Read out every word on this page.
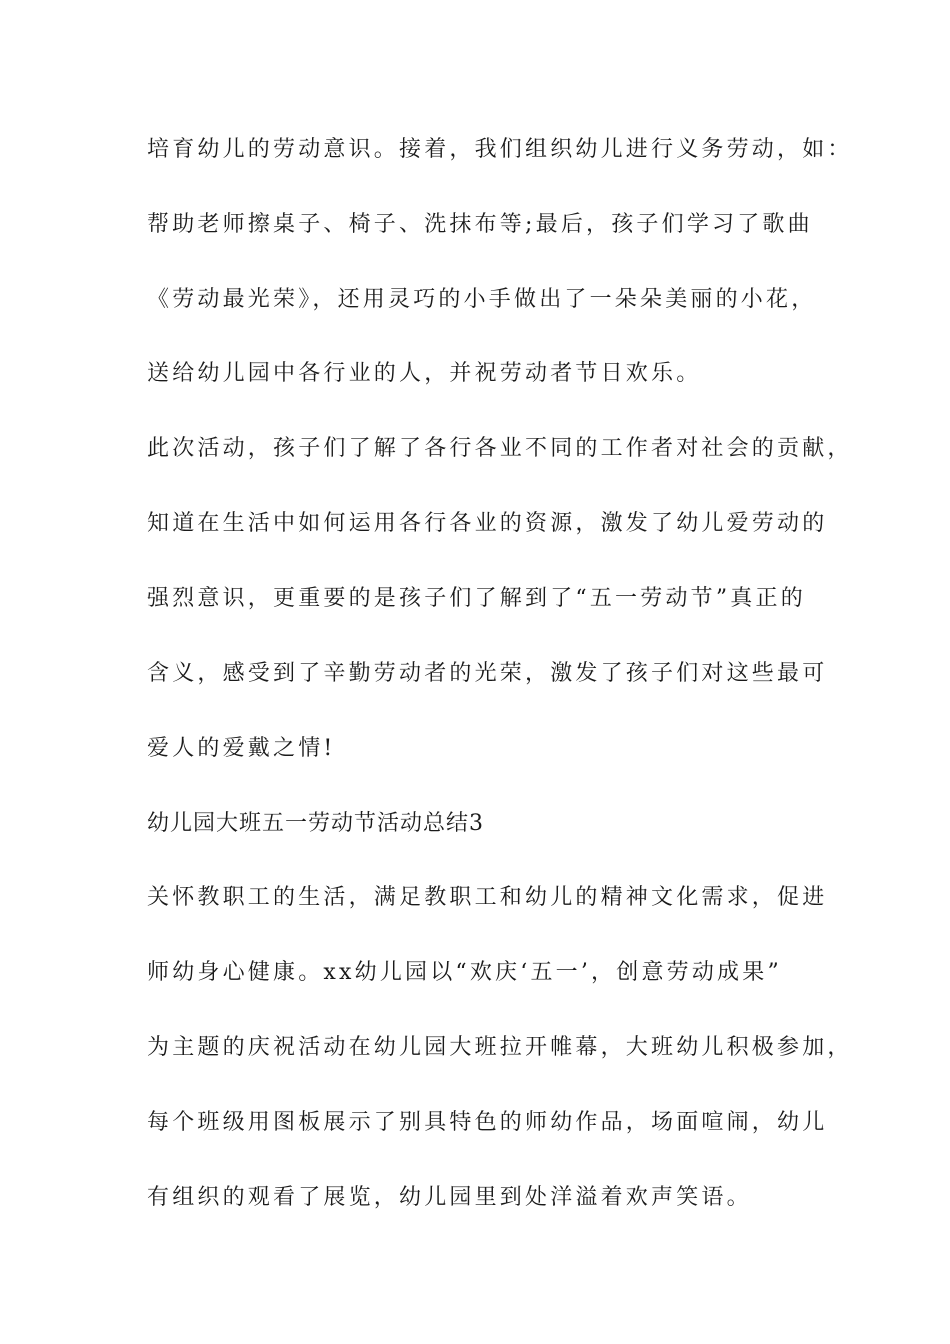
培育幼儿的劳动意识。接着，我们组织幼儿进行义务劳动，如：
帮助老师擦桌子、椅子、洗抹布等;最后，孩子们学习了歌曲
《劳动最光荣》，还用灵巧的小手做出了一朵朵美丽的小花，
送给幼儿园中各行业的人，并祝劳动者节日欢乐。
此次活动，孩子们了解了各行各业不同的工作者对社会的贡献，
知道在生活中如何运用各行各业的资源，激发了幼儿爱劳动的
强烈意识，更重要的是孩子们了解到了“五一劳动节”真正的
含义，感受到了辛勤劳动者的光荣，激发了孩子们对这些最可
爱人的爱戴之情!
幼儿园大班五一劳动节活动总结3
关怀教职工的生活，满足教职工和幼儿的精神文化需求，促进
师幼身心健康。xx幼儿园以“欢庆‘五一’，创意劳动成果”
为主题的庆祝活动在幼儿园大班拉开帷幕，大班幼儿积极参加，
每个班级用图板展示了别具特色的师幼作品，场面喧闹，幼儿
有组织的观看了展览，幼儿园里到处洋溢着欢声笑语。
